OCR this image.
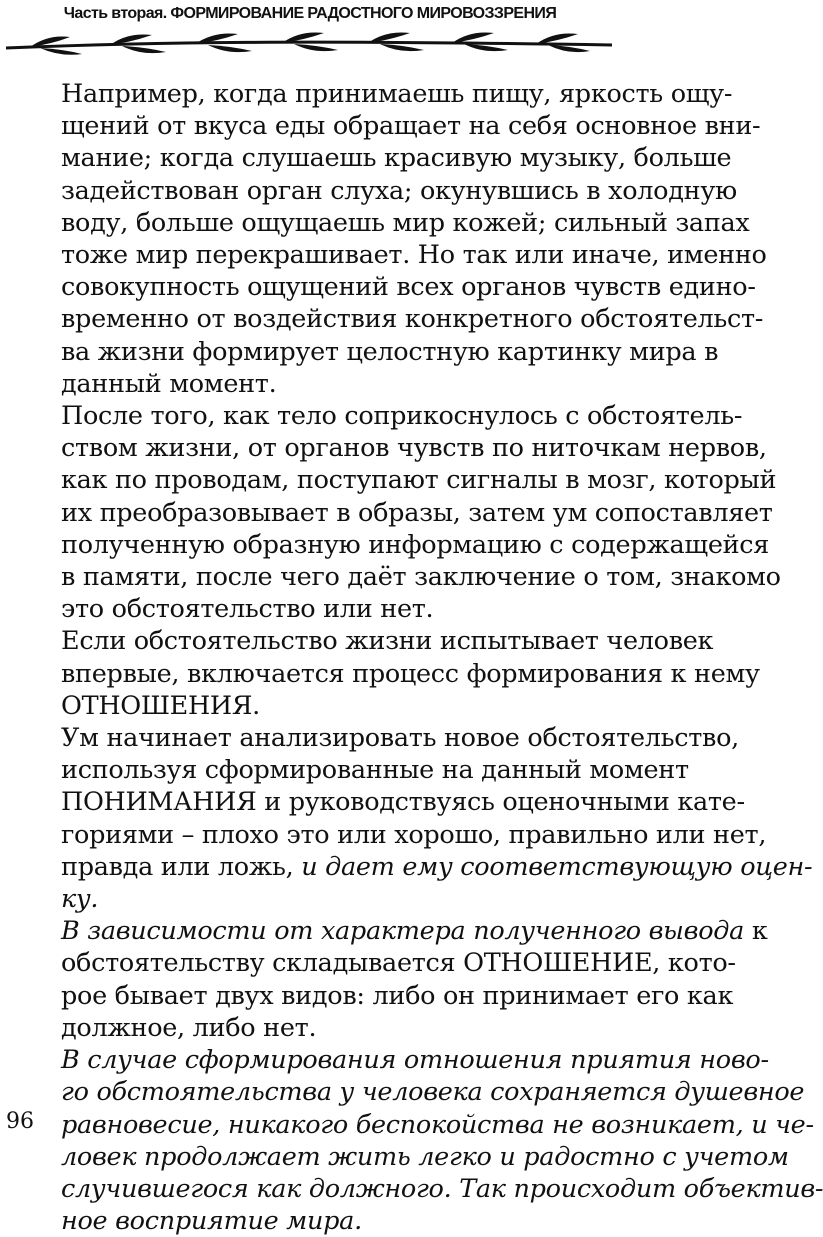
Часть вторая. ФОРМИРОВАНИЕ РАДОСТНОГО МИРОВОЗЗРЕНИЯ

Например, когда принимаешь пищу, яркость ощу-
щений от вкуса еды обращает на себя основное вни-
мание; когда слушаешь красивую музыку, больше
задействован орган слуха; окунувшись в холодную
воду, больше ощущаешь мир кожей; сильный запах
тоже мир перекрашивает. Но так или иначе, именно
совокупность ощущений всех органов чувств едино-
временно от воздействия конкретного обстоятельст-
ва жизни формирует целостную картинку мира в
данный момент.

После того, как тело соприкоснулось с обстоятель-
ством жизни, от органов чувств по ниточкам нервов,
как по проводам, поступают сигналы в мозг, который
их преобразовывает в образы, затем ум сопоставляет
полученную образную информацию с содержащейся
в памяти, после чего даёт заключение о том, знакомо
это обстоятельство или нет.

Если обстоятельство жизни испытывает человек
впервые, включается процесс формирования к нему
ОТНОШЕНИЯ.

Ум начинает анализировать новое обстоятельство,
используя сформированные на данный момент
ПОНИМАНИЯ и руководствуясь оценочными кате-
гориями – плохо это или хорошо, правильно или нет,
правда или ложь, и дает ему соответствующую оцен-
ку.

В зависимости от характера полученного вывода к
обстоятельству складывается ОТНОШЕНИЕ, кото-
рое бывает двух видов: либо он принимает его как
должное, либо нет.

В случае сформирования отношения приятия ново-
го обстоятельства у человека сохраняется душевное
равновесие, никакого беспокойства не возникает, и че-
ловек продолжает жить легко и радостно с учетом
случившегося как должного. Так происходит объектив-
ное восприятие мира.

96
